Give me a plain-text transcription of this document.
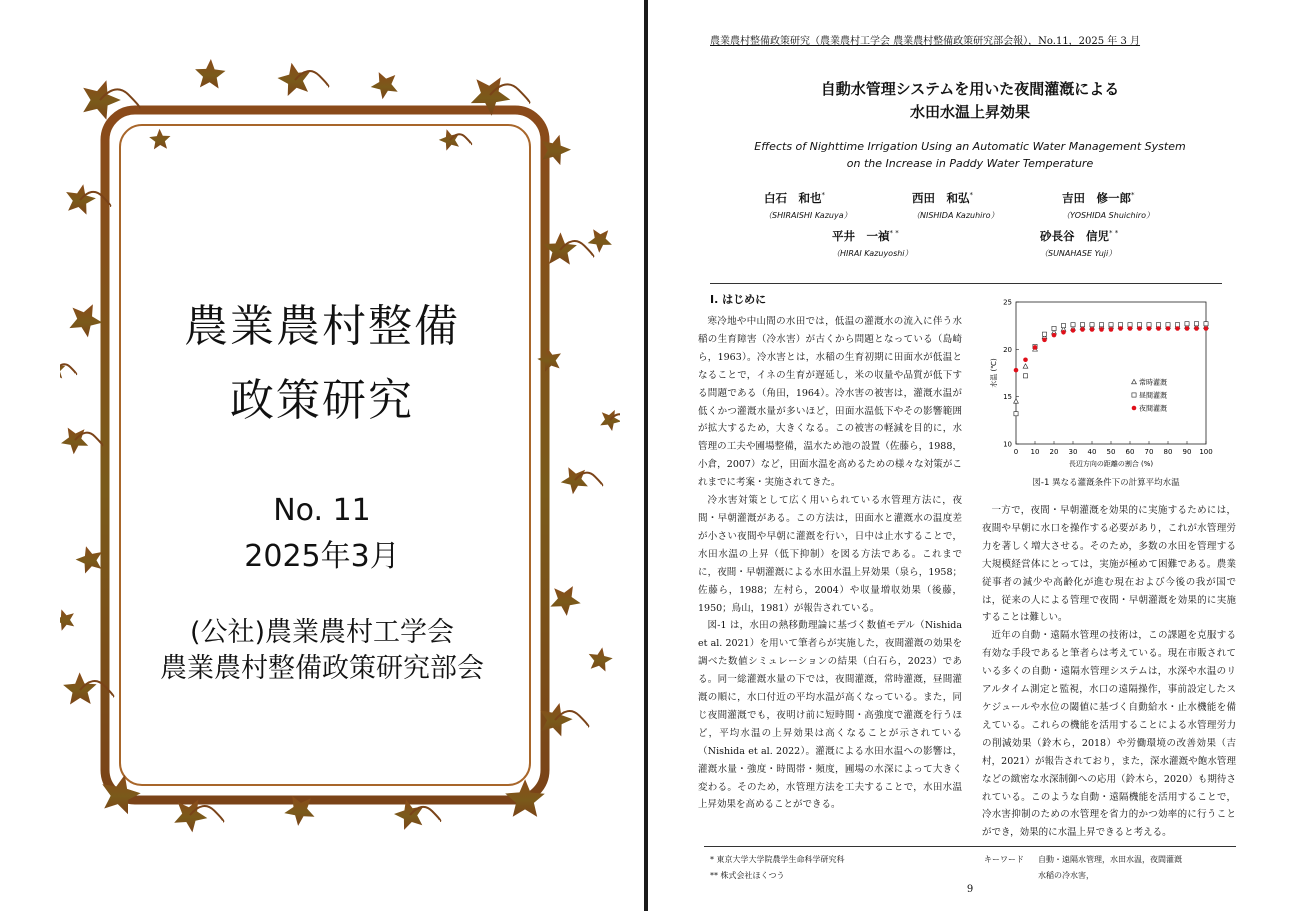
農業農村整備
政策研究
No. 11
2025年3月
(公社)農業農村工学会
農業農村整備政策研究部会
農業農村整備政策研究（農業農村工学会 農業農村整備政策研究部会報），No.11，2025 年 3 月
自動水管理システムを用いた夜間灌漑による
水田水温上昇効果
Effects of Nighttime Irrigation Using an Automatic Water Management System
on the Increase in Paddy Water Temperature
白石　和也*
（SHIRAISHI Kazuya）
西田　和弘*
（NISHIDA Kazuhiro）
吉田　修一郎*
（YOSHIDA Shuichiro）
平井　一禎* *
（HIRAI Kazuyoshi）
砂長谷　信児* *
（SUNAHASE Yuji）
I. はじめに

寒冷地や中山間の水田では，低温の灌漑水の流入に伴う水稲の生育障害（冷水害）が古くから問題となっている（島崎ら，1963）。冷水害とは，水稲の生育初期に田面水が低温となることで，イネの生育が遅延し，米の収量や品質が低下する問題である（角田，1964）。冷水害の被害は，灌漑水温が低くかつ灌漑水量が多いほど，田面水温低下やその影響範囲が拡大するため，大きくなる。この被害の軽減を目的に，水管理の工夫や圃場整備，温水ため池の設置（佐藤ら，1988，小倉，2007）など，田面水温を高めるための様々な対策がこれまでに考案・実施されてきた。

冷水害対策として広く用いられている水管理方法に，夜間・早朝灌漑がある。この方法は，田面水と灌漑水の温度差が小さい夜間や早朝に灌漑を行い，日中は止水することで，水田水温の上昇（低下抑制）を図る方法である。これまでに，夜間・早朝灌漑による水田水温上昇効果（泉ら，1958；佐藤ら，1988；左村ら，2004）や収量増収効果（後藤，1950；鳥山，1981）が報告されている。

図-1 は，水田の熱移動理論に基づく数値モデル（Nishida et al. 2021）を用いて筆者らが実施した，夜間灌漑の効果を調べた数値シミュレーションの結果（白石ら，2023）である。同一総灌漑水量の下では，夜間灌漑，常時灌漑，昼間灌漑の順に，水口付近の平均水温が高くなっている。また，同じ夜間灌漑でも，夜明け前に短時間・高強度で灌漑を行うほど，平均水温の上昇効果は高くなることが示されている（Nishida et al. 2022）。灌漑による水田水温への影響は，灌漑水量・強度・時間帯・頻度，圃場の水深によって大きく変わる。そのため，水管理方法を工夫することで，水田水温上昇効果を高めることができる。

0 10 20 30 40 50 60 70 80 90 100
10
15
20
25
長辺方向の距離の割合 (%)
水温 (℃)	常時灌漑
昼間灌漑
夜間灌漑
図-1 異なる灌漑条件下の計算平均水温

一方で，夜間・早朝灌漑を効果的に実施するためには，夜間や早朝に水口を操作する必要があり，これが水管理労力を著しく増大させる。そのため，多数の水田を管理する大規模経営体にとっては，実施が極めて困難である。農業従事者の減少や高齢化が進む現在および今後の我が国では，従来の人による管理で夜間・早朝灌漑を効果的に実施することは難しい。

近年の自動・遠隔水管理の技術は，この課題を克服する有効な手段であると筆者らは考えている。現在市販されている多くの自動・遠隔水管理システムは，水深や水温のリアルタイム測定と監視，水口の遠隔操作，事前設定したスケジュールや水位の閾値に基づく自動給水・止水機能を備えている。これらの機能を活用することによる水管理労力の削減効果（鈴木ら，2018）や労働環境の改善効果（吉村，2021）が報告されており，また，深水灌漑や飽水管理などの緻密な水深制御への応用（鈴木ら，2020）も期待されている。このような自動・遠隔機能を活用することで，冷水害抑制のための水管理を省力的かつ効率的に行うことができ，効果的に水温上昇できると考える。

* 東京大学大学院農学生命科学研究科
** 株式会社ほくつう
キーワード 自動・遠隔水管理，水田水温，夜間灌漑
水稲の冷水害，
9
